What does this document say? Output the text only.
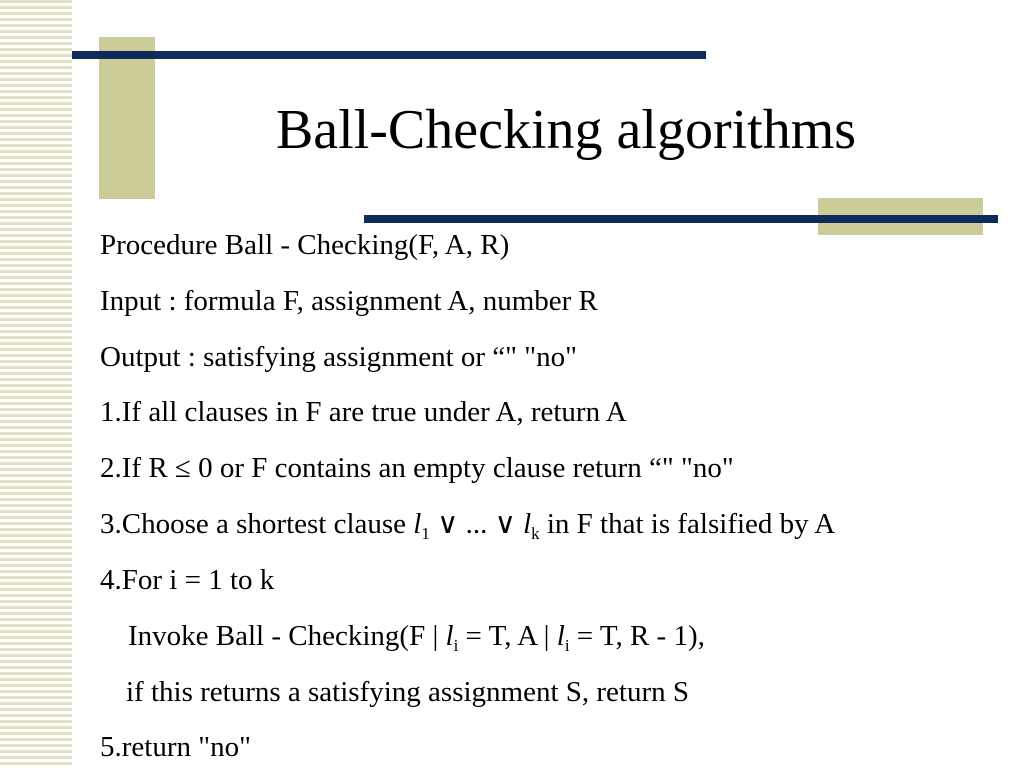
Ball-Checking algorithms
Procedure Ball - Checking(F, A, R)
Input : formula F, assignment A, number R
Output : satisfying assignment or “" "no"
1.If all clauses in F are true under A, return A
2.If R ≤ 0 or F contains an empty clause return “" "no"
3.Choose a shortest clause $l_1$ ∨ ... ∨ $l_k$ in F that is falsified by A
4.For i = 1 to k
Invoke Ball - Checking(F | $l_i = T$, A | $l_i = T$, R - 1),
if this returns a satisfying assignment S, return S
5.return "no"
